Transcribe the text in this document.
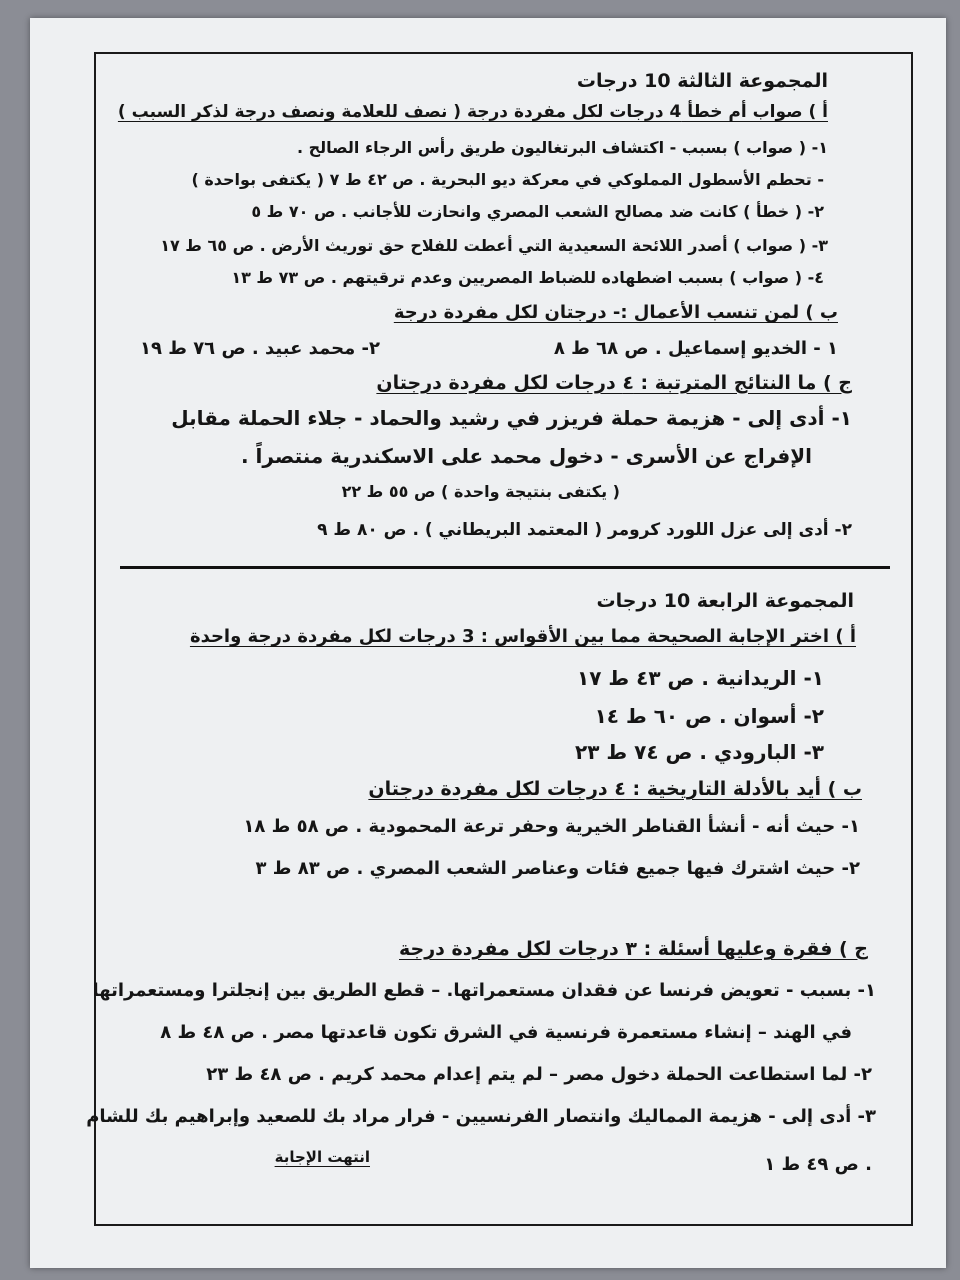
المجموعة الثالثة 10 درجات
أ ) صواب أم خطأ 4 درجات لكل مفردة درجة ( نصف للعلامة ونصف درجة لذكر السبب )
١- ( صواب ) بسبب - اكتشاف البرتغاليون طريق رأس الرجاء الصالح .
- تحطم الأسطول المملوكي في معركة ديو البحرية . ص ٤٢ ط ٧ ( يكتفى بواحدة )
٢- ( خطأ ) كانت ضد مصالح الشعب المصري وانحازت للأجانب . ص ٧٠ ط ٥
٣- ( صواب ) أصدر اللائحة السعيدية التي أعطت للفلاح حق توريث الأرض . ص ٦٥ ط ١٧
٤- ( صواب ) بسبب اضطهاده للضباط المصريين وعدم ترقيتهم . ص ٧٣ ط ١٣
ب ) لمن تنسب الأعمال :- درجتان لكل مفردة درجة
١ - الخديو إسماعيل . ص ٦٨ ط ٨
٢- محمد عبيد . ص ٧٦ ط ١٩
ج ) ما النتائج المترتبة : ٤ درجات لكل مفردة درجتان
١- أدى إلى - هزيمة حملة فريزر في رشيد والحماد - جلاء الحملة مقابل
الإفراج عن الأسرى - دخول محمد على الاسكندرية منتصراً .
( يكتفى بنتيجة واحدة ) ص ٥٥ ط ٢٢
٢- أدى إلى عزل اللورد كرومر ( المعتمد البريطاني ) . ص ٨٠ ط ٩
المجموعة الرابعة 10 درجات
أ ) اختر الإجابة الصحيحة مما بين الأقواس : 3 درجات لكل مفردة درجة واحدة
١- الريدانية . ص ٤٣ ط ١٧
٢- أسوان . ص ٦٠ ط ١٤
٣- البارودي . ص ٧٤ ط ٢٣
ب ) أيد بالأدلة التاريخية : ٤ درجات لكل مفردة درجتان
١- حيث أنه - أنشأ القناطر الخيرية وحفر ترعة المحمودية . ص ٥٨ ط ١٨
٢- حيث اشترك فيها جميع فئات وعناصر الشعب المصري . ص ٨٣ ط ٣
ج ) فقرة وعليها أسئلة : ٣ درجات لكل مفردة درجة
١- بسبب - تعويض فرنسا عن فقدان مستعمراتها. – قطع الطريق بين إنجلترا ومستعمراتها
في الهند – إنشاء مستعمرة فرنسية في الشرق تكون قاعدتها مصر . ص ٤٨ ط ٨
٢- لما استطاعت الحملة دخول مصر – لم يتم إعدام محمد كريم . ص ٤٨ ط ٢٣
٣- أدى إلى - هزيمة المماليك وانتصار الفرنسيين - فرار مراد بك للصعيد وإبراهيم بك للشام
. ص ٤٩ ط ١
انتهت الإجابة
